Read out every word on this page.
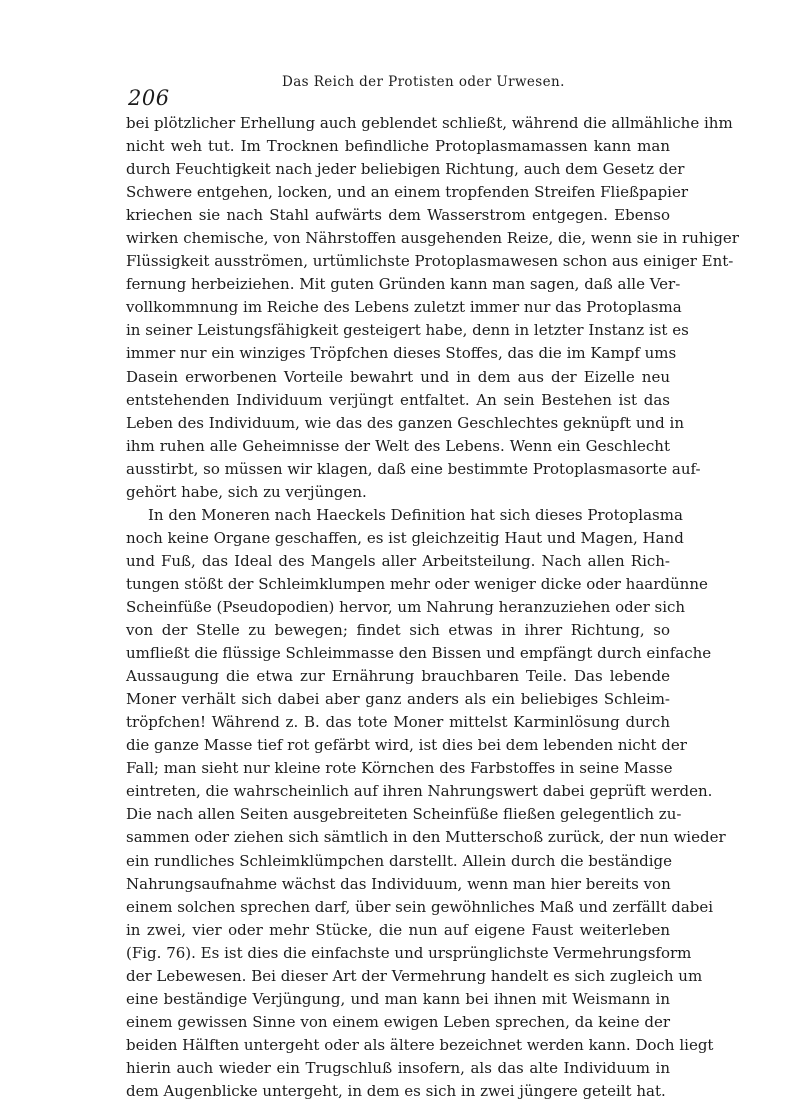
206
Das Reich der Protisten oder Urwesen.

bei plötzlicher Erhellung auch geblendet schließt, während die allmähliche ihm
nicht weh tut. Im Trocknen befindliche Protoplasmamassen kann man
durch Feuchtigkeit nach jeder beliebigen Richtung, auch dem Gesetz der
Schwere entgehen, locken, und an einem tropfenden Streifen Fließpapier
kriechen sie nach Stahl aufwärts dem Wasserstrom entgegen. Ebenso
wirken chemische, von Nährstoffen ausgehenden Reize, die, wenn sie in ruhiger
Flüssigkeit ausströmen, urtümlichste Protoplasmawesen schon aus einiger Ent-
fernung herbeiziehen. Mit guten Gründen kann man sagen, daß alle Ver-
vollkommnung im Reiche des Lebens zuletzt immer nur das Protoplasma
in seiner Leistungsfähigkeit gesteigert habe, denn in letzter Instanz ist es
immer nur ein winziges Tröpfchen dieses Stoffes, das die im Kampf ums
Dasein erworbenen Vorteile bewahrt und in dem aus der Eizelle neu
entstehenden Individuum verjüngt entfaltet. An sein Bestehen ist das
Leben des Individuum, wie das des ganzen Geschlechtes geknüpft und in
ihm ruhen alle Geheimnisse der Welt des Lebens. Wenn ein Geschlecht
ausstirbt, so müssen wir klagen, daß eine bestimmte Protoplasmasorte auf-
gehört habe, sich zu verjüngen.

In den Moneren nach Haeckels Definition hat sich dieses Protoplasma
noch keine Organe geschaffen, es ist gleichzeitig Haut und Magen, Hand
und Fuß, das Ideal des Mangels aller Arbeitsteilung. Nach allen Rich-
tungen stößt der Schleimklumpen mehr oder weniger dicke oder haardünne
Scheinfüße (Pseudopodien) hervor, um Nahrung heranzuziehen oder sich
von der Stelle zu bewegen; findet sich etwas in ihrer Richtung, so
umfließt die flüssige Schleimmasse den Bissen und empfängt durch einfache
Aussaugung die etwa zur Ernährung brauchbaren Teile. Das lebende
Moner verhält sich dabei aber ganz anders als ein beliebiges Schleim-
tröpfchen! Während z. B. das tote Moner mittelst Karminlösung durch
die ganze Masse tief rot gefärbt wird, ist dies bei dem lebenden nicht der
Fall; man sieht nur kleine rote Körnchen des Farbstoffes in seine Masse
eintreten, die wahrscheinlich auf ihren Nahrungswert dabei geprüft werden.
Die nach allen Seiten ausgebreiteten Scheinfüße fließen gelegentlich zu-
sammen oder ziehen sich sämtlich in den Mutterschoß zurück, der nun wieder
ein rundliches Schleimklümpchen darstellt. Allein durch die beständige
Nahrungsaufnahme wächst das Individuum, wenn man hier bereits von
einem solchen sprechen darf, über sein gewöhnliches Maß und zerfällt dabei
in zwei, vier oder mehr Stücke, die nun auf eigene Faust weiterleben
(Fig. 76). Es ist dies die einfachste und ursprünglichste Vermehrungsform
der Lebewesen. Bei dieser Art der Vermehrung handelt es sich zugleich um
eine beständige Verjüngung, und man kann bei ihnen mit Weismann in
einem gewissen Sinne von einem ewigen Leben sprechen, da keine der
beiden Hälften untergeht oder als ältere bezeichnet werden kann. Doch liegt
hierin auch wieder ein Trugschluß insofern, als das alte Individuum in
dem Augenblicke untergeht, in dem es sich in zwei jüngere geteilt hat.
